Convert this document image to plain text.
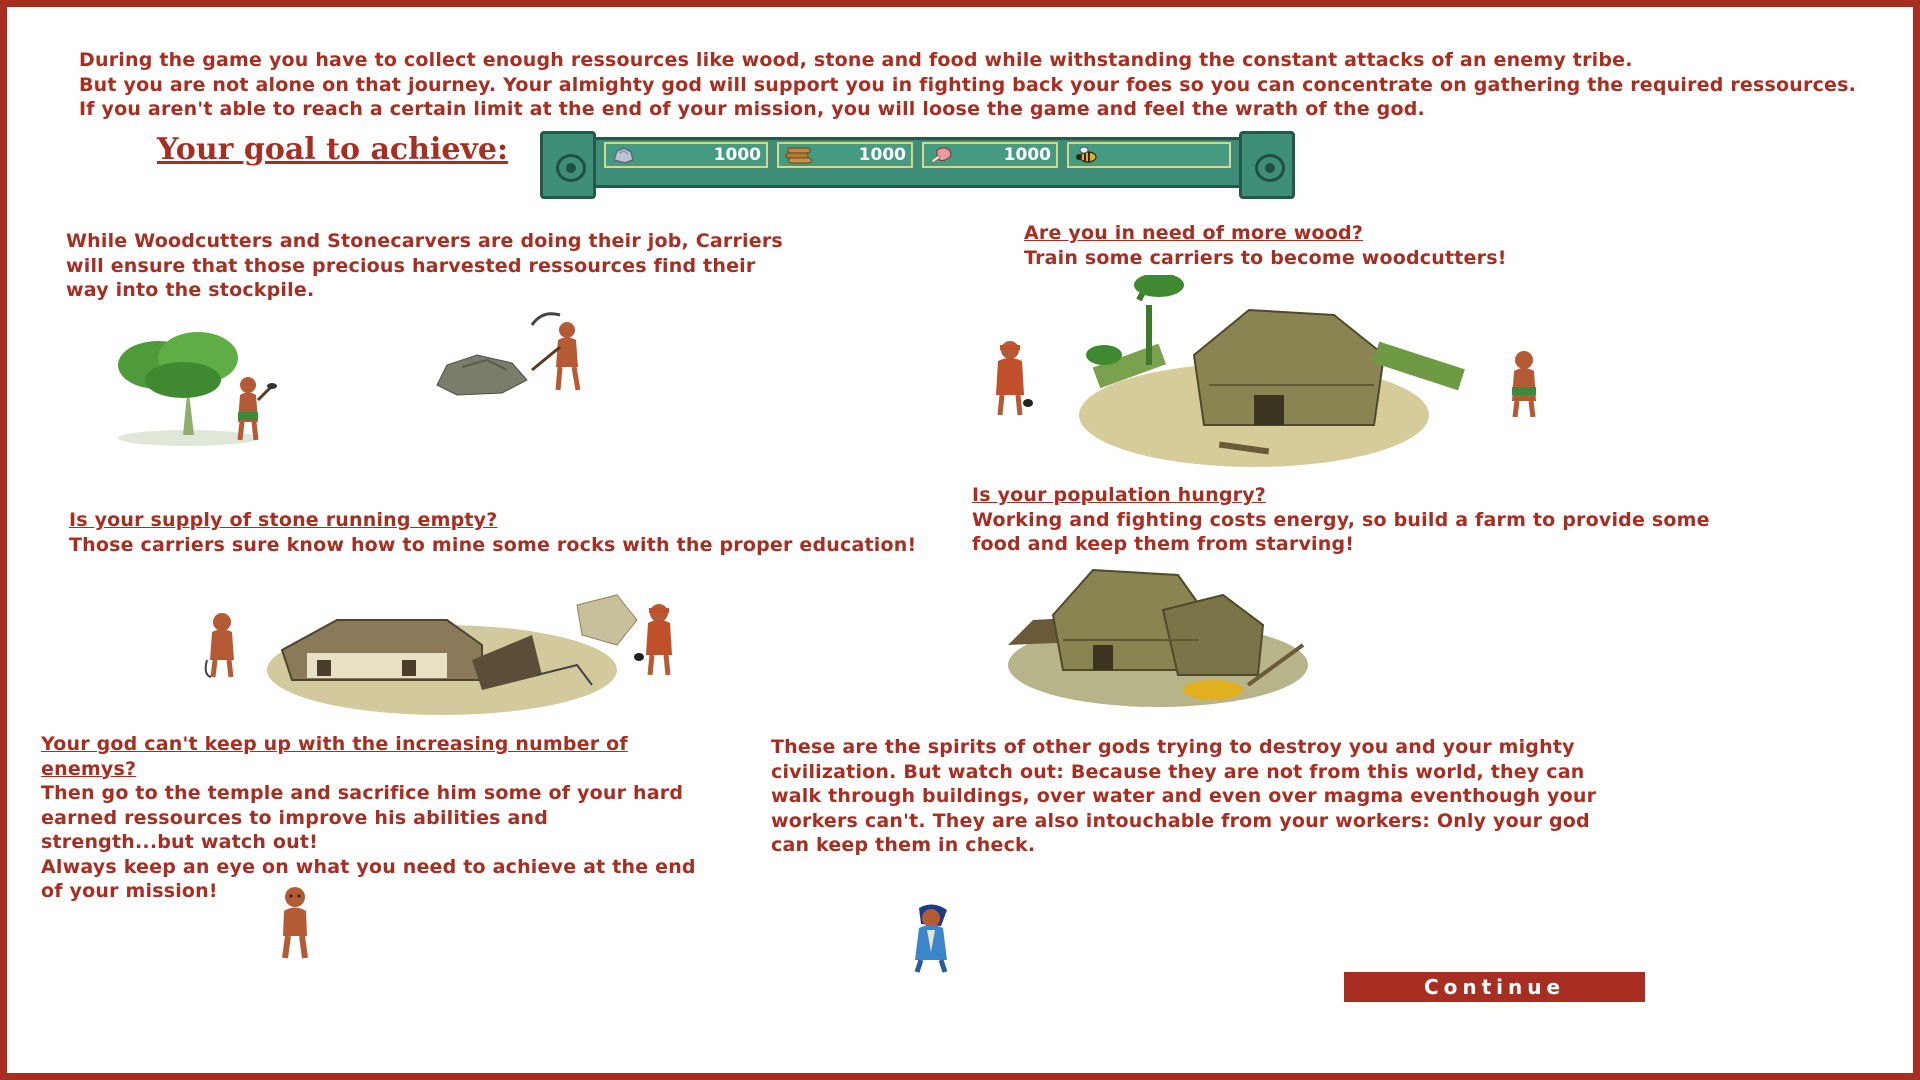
During the game you have to collect enough ressources like wood, stone and food while withstanding the constant attacks of an enemy tribe.
But you are not alone on that journey. Your almighty god will support you in fighting back your foes so you can concentrate on gathering the required ressources.
If you aren't able to reach a certain limit at the end of your mission, you will loose the game and feel the wrath of the god.
Your goal to achieve:	1000	1000	1000
While Woodcutters and Stonecarvers are doing their job, Carriers
will ensure that those precious harvested ressources find their
way into the stockpile.
Are you in need of more wood?
Train some carriers to become woodcutters!
Is your supply of stone running empty?
Those carriers sure know how to mine some rocks with the proper education!
Is your population hungry?
Working and fighting costs energy, so build a farm to provide some
food and keep them from starving!
Your god can't keep up with the increasing number of
enemys?
Then go to the temple and sacrifice him some of your hard
earned ressources to improve his abilities and
strength...but watch out!
Always keep an eye on what you need to achieve at the end
of your mission!
These are the spirits of other gods trying to destroy you and your mighty
civilization. But watch out: Because they are not from this world, they can
walk through buildings, over water and even over magma eventhough your
workers can't. They are also intouchable from your workers: Only your god
can keep them in check.
Continue
